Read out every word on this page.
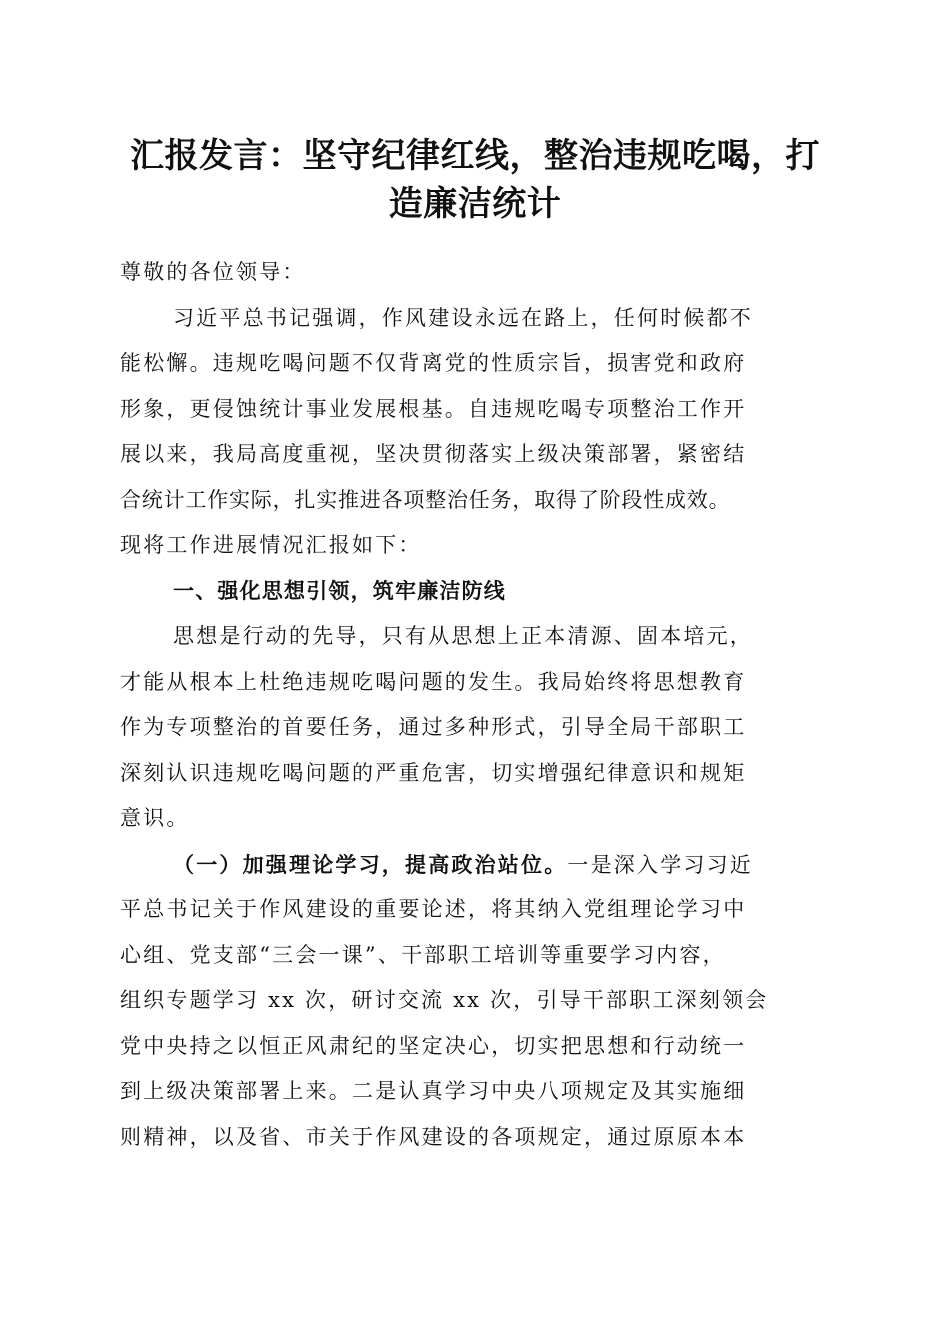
汇报发言：坚守纪律红线，整治违规吃喝，打
造廉洁统计

尊敬的各位领导：

习近平总书记强调，作风建设永远在路上，任何时候都不

能松懈。违规吃喝问题不仅背离党的性质宗旨，损害党和政府

形象，更侵蚀统计事业发展根基。自违规吃喝专项整治工作开

展以来，我局高度重视，坚决贯彻落实上级决策部署，紧密结

合统计工作实际，扎实推进各项整治任务，取得了阶段性成效。

现将工作进展情况汇报如下：

一、强化思想引领，筑牢廉洁防线

思想是行动的先导，只有从思想上正本清源、固本培元，

才能从根本上杜绝违规吃喝问题的发生。我局始终将思想教育

作为专项整治的首要任务，通过多种形式，引导全局干部职工

深刻认识违规吃喝问题的严重危害，切实增强纪律意识和规矩

意识。

（一）加强理论学习，提高政治站位。一是深入学习习近

平总书记关于作风建设的重要论述，将其纳入党组理论学习中

心组、党支部“三会一课”、干部职工培训等重要学习内容，

组织专题学习 xx 次，研讨交流 xx 次，引导干部职工深刻领会

党中央持之以恒正风肃纪的坚定决心，切实把思想和行动统一

到上级决策部署上来。二是认真学习中央八项规定及其实施细

则精神，以及省、市关于作风建设的各项规定，通过原原本本
